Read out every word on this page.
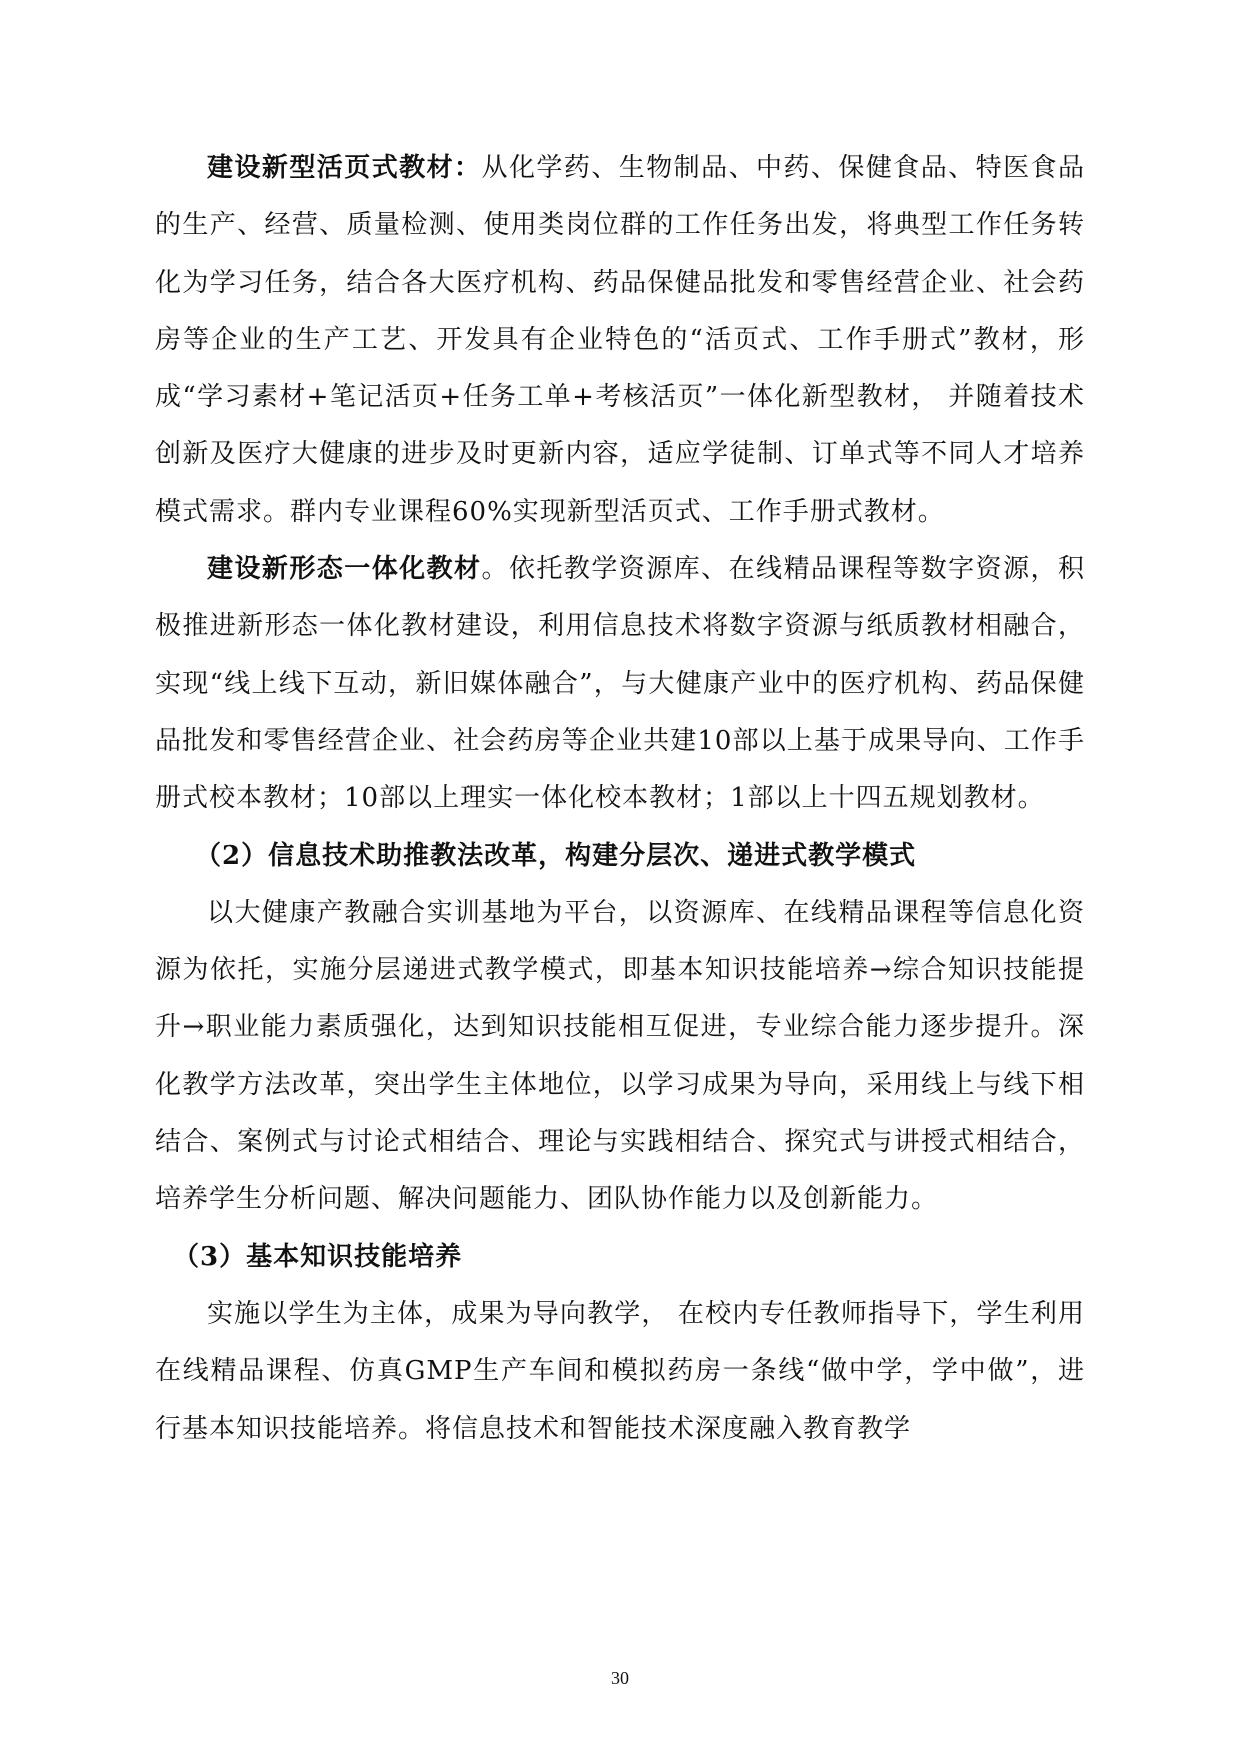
建设新型活页式教材：从化学药、生物制品、中药、保健食品、特医食品的生产、经营、质量检测、使用类岗位群的工作任务出发，将典型工作任务转化为学习任务，结合各大医疗机构、药品保健品批发和零售经营企业、社会药房等企业的生产工艺、开发具有企业特色的“活页式、工作手册式”教材，形成“学习素材+笔记活页+任务工单+考核活页”一体化新型教材， 并随着技术创新及医疗大健康的进步及时更新内容，适应学徒制、订单式等不同人才培养模式需求。群内专业课程60%实现新型活页式、工作手册式教材。

建设新形态一体化教材。依托教学资源库、在线精品课程等数字资源，积极推进新形态一体化教材建设，利用信息技术将数字资源与纸质教材相融合， 实现“线上线下互动，新旧媒体融合”，与大健康产业中的医疗机构、药品保健品批发和零售经营企业、社会药房等企业共建10部以上基于成果导向、工作手册式校本教材；10部以上理实一体化校本教材；1部以上十四五规划教材。

（2）信息技术助推教法改革，构建分层次、递进式教学模式

以大健康产教融合实训基地为平台，以资源库、在线精品课程等信息化资源为依托，实施分层递进式教学模式，即基本知识技能培养→综合知识技能提升→职业能力素质强化，达到知识技能相互促进，专业综合能力逐步提升。深化教学方法改革，突出学生主体地位，以学习成果为导向，采用线上与线下相结合、案例式与讨论式相结合、理论与实践相结合、探究式与讲授式相结合，培养学生分析问题、解决问题能力、团队协作能力以及创新能力。

（3）基本知识技能培养

实施以学生为主体，成果为导向教学， 在校内专任教师指导下，学生利用在线精品课程、仿真GMP生产车间和模拟药房一条线“做中学，学中做”，进行基本知识技能培养。将信息技术和智能技术深度融入教育教学

30
